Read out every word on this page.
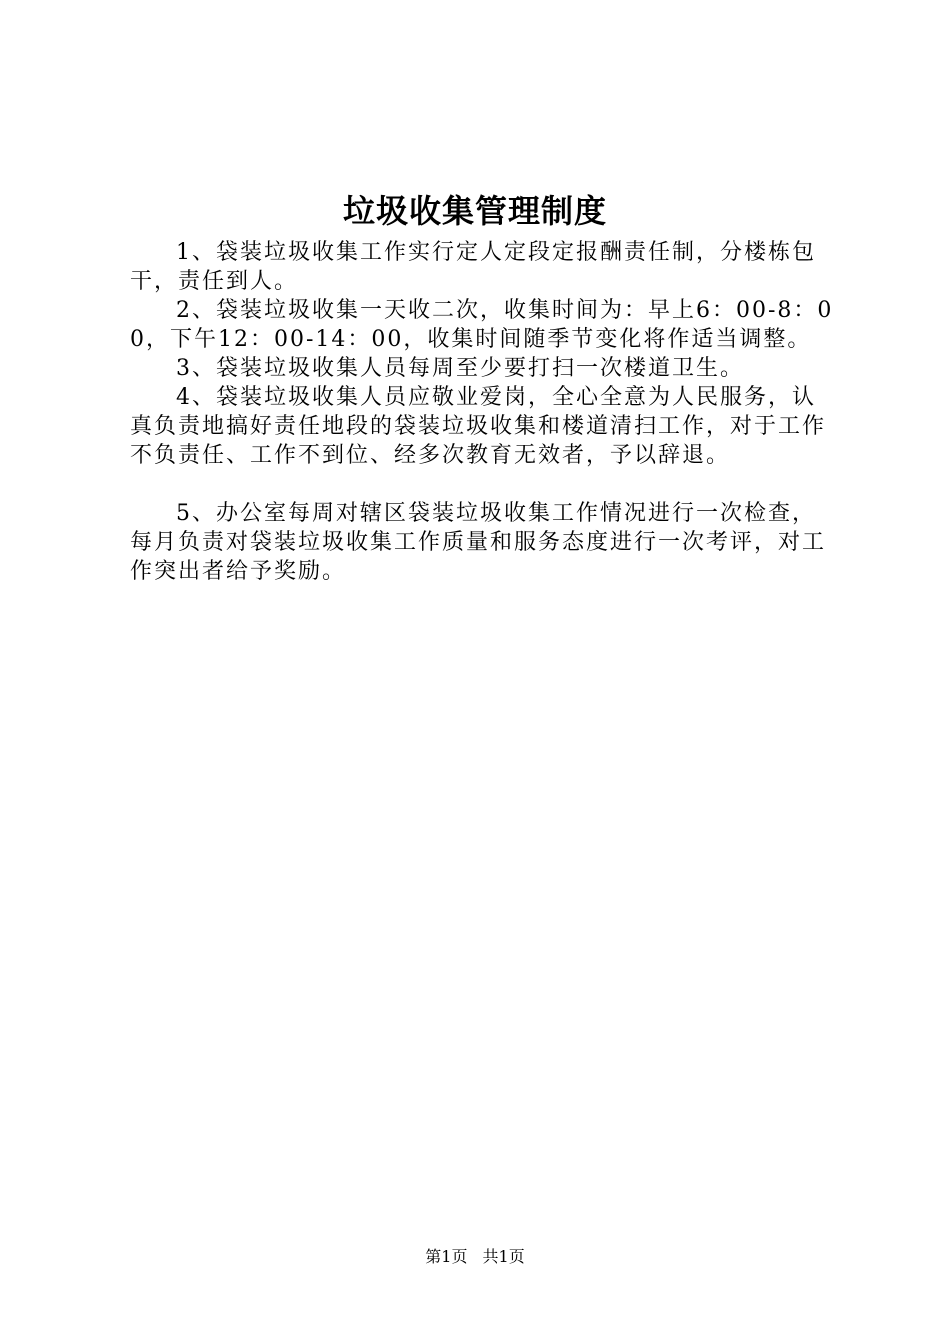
垃圾收集管理制度

1、袋装垃圾收集工作实行定人定段定报酬责任制，分楼栋包干，责任到人。

2、袋装垃圾收集一天收二次，收集时间为：早上6：00-8：00，下午12：00-14：00，收集时间随季节变化将作适当调整。

3、袋装垃圾收集人员每周至少要打扫一次楼道卫生。

4、袋装垃圾收集人员应敬业爱岗，全心全意为人民服务，认真负责地搞好责任地段的袋装垃圾收集和楼道清扫工作，对于工作不负责任、工作不到位、经多次教育无效者，予以辞退。

5、办公室每周对辖区袋装垃圾收集工作情况进行一次检查，每月负责对袋装垃圾收集工作质量和服务态度进行一次考评，对工作突出者给予奖励。

第1页 共1页
